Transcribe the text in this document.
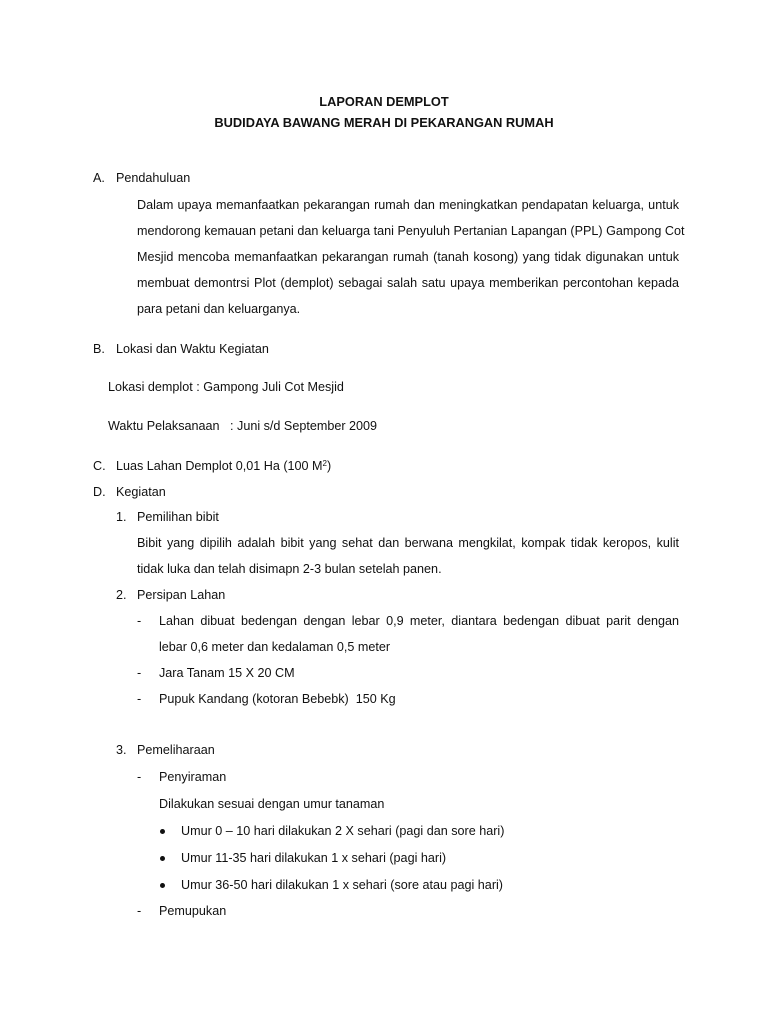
LAPORAN DEMPLOT
BUDIDAYA BAWANG MERAH DI PEKARANGAN RUMAH
A. Pendahuluan
Dalam upaya memanfaatkan pekarangan rumah dan meningkatkan pendapatan keluarga, untuk
mendorong kemauan petani dan keluarga tani Penyuluh Pertanian Lapangan (PPL) Gampong Cot
Mesjid mencoba memanfaatkan pekarangan rumah (tanah kosong) yang tidak digunakan untuk
membuat demontrsi Plot (demplot) sebagai salah satu upaya memberikan percontohan kepada
para petani dan keluarganya.
B. Lokasi dan Waktu Kegiatan
Lokasi demplot : Gampong Juli Cot Mesjid
Waktu Pelaksanaan   : Juni s/d September 2009
C. Luas Lahan Demplot 0,01 Ha (100 $M^2$)
D. Kegiatan
1. Pemilihan bibit
Bibit yang dipilih adalah bibit yang sehat dan berwana mengkilat, kompak tidak keropos, kulit
tidak luka dan telah disimapn 2-3 bulan setelah panen.
2. Persipan Lahan
- Lahan dibuat bedengan dengan lebar 0,9 meter, diantara bedengan dibuat parit dengan
lebar 0,6 meter dan kedalaman 0,5 meter
- Jara Tanam 15 X 20 CM
- Pupuk Kandang (kotoran Bebebk)  150 Kg
3. Pemeliharaan
- Penyiraman
Dilakukan sesuai dengan umur tanaman
Umur 0 – 10 hari dilakukan 2 X sehari (pagi dan sore hari)
Umur 11-35 hari dilakukan 1 x sehari (pagi hari)
Umur 36-50 hari dilakukan 1 x sehari (sore atau pagi hari)
- Pemupukan
